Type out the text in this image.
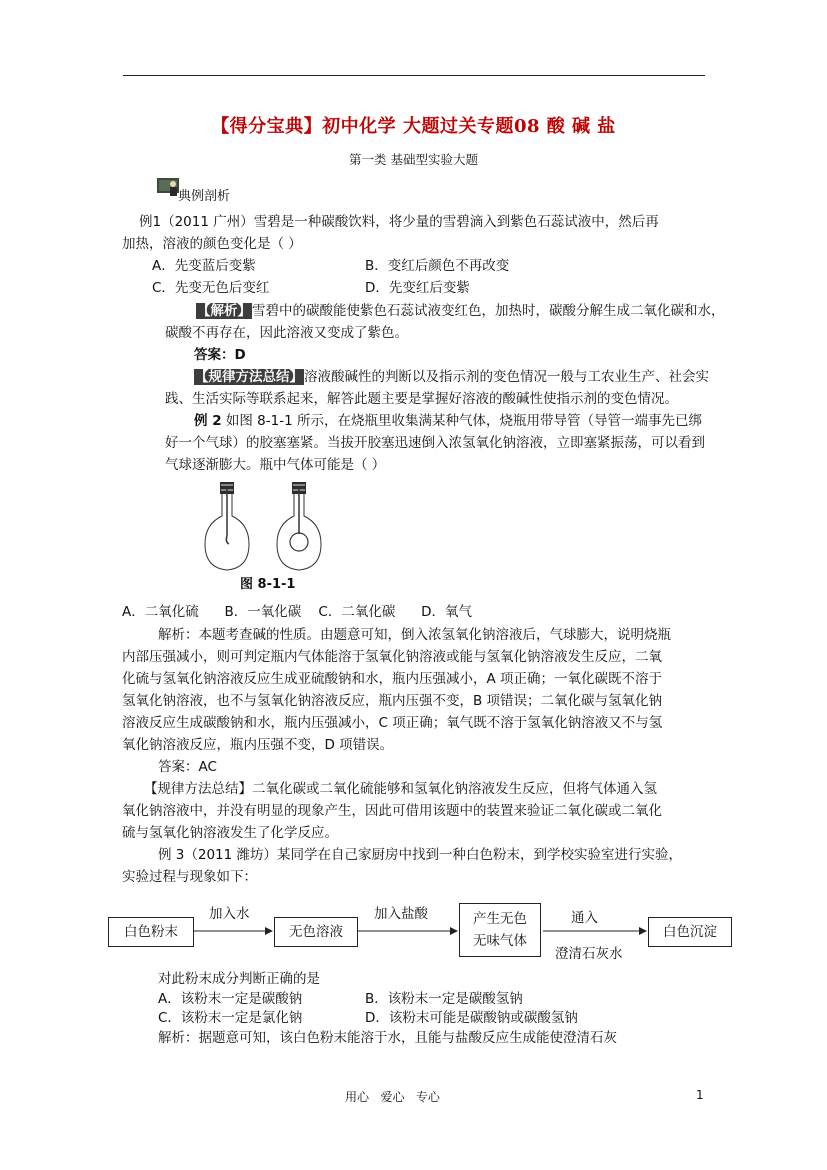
【得分宝典】初中化学 大题过关专题08 酸 碱 盐
第一类 基础型实验大题
典例剖析
例1（2011 广州）雪碧是一种碳酸饮料，将少量的雪碧滴入到紫色石蕊试液中，然后再
加热，溶液的颜色变化是（ ）
A．先变蓝后变紫	B．变红后颜色不再改变
C．先变无色后变红	D．先变红后变紫
【解析】雪碧中的碳酸能使紫色石蕊试液变红色，加热时，碳酸分解生成二氧化碳和水，
碳酸不再存在，因此溶液又变成了紫色。
答案：D
【规律方法总结】溶液酸碱性的判断以及指示剂的变色情况一般与工农业生产、社会实
践、生活实际等联系起来，解答此题主要是掌握好溶液的酸碱性使指示剂的变色情况。
例 2 如图 8-1-1 所示，在烧瓶里收集满某种气体，烧瓶用带导管（导管一端事先已绑
好一个气球）的胶塞塞紧。当拔开胶塞迅速倒入浓氢氧化钠溶液，立即塞紧振荡，可以看到
气球逐渐膨大。瓶中气体可能是（ ）
图 8-1-1
A．二氧化硫      B．一氧化碳    C．二氧化碳      D．氧气
解析：本题考查碱的性质。由题意可知，倒入浓氢氧化钠溶液后，气球膨大，说明烧瓶
内部压强减小，则可判定瓶内气体能溶于氢氧化钠溶液或能与氢氧化钠溶液发生反应，二氧
化硫与氢氧化钠溶液反应生成亚硫酸钠和水，瓶内压强减小，A 项正确；一氧化碳既不溶于
氢氧化钠溶液，也不与氢氧化钠溶液反应，瓶内压强不变，B 项错误；二氧化碳与氢氧化钠
溶液反应生成碳酸钠和水，瓶内压强减小，C 项正确；氧气既不溶于氢氧化钠溶液又不与氢
氧化钠溶液反应，瓶内压强不变，D 项错误。
答案：AC
【规律方法总结】二氧化碳或二氧化硫能够和氢氧化钠溶液发生反应，但将气体通入氢
氧化钠溶液中，并没有明显的现象产生，因此可借用该题中的装置来验证二氧化碳或二氧化
硫与氢氧化钠溶液发生了化学反应。
例 3（2011 潍坊）某同学在自己家厨房中找到一种白色粉末，到学校实验室进行实验，
实验过程与现象如下：
白色粉末
加入水
无色溶液
加入盐酸	产生无色
无味气体
通入
澄清石灰水
白色沉淀
对此粉末成分判断正确的是
A．该粉末一定是碳酸钠	B．该粉末一定是碳酸氢钠
C．该粉末一定是氯化钠	D．该粉末可能是碳酸钠或碳酸氢钠
解析：据题意可知，该白色粉末能溶于水，且能与盐酸反应生成能使澄清石灰
用心   爱心   专心	1
